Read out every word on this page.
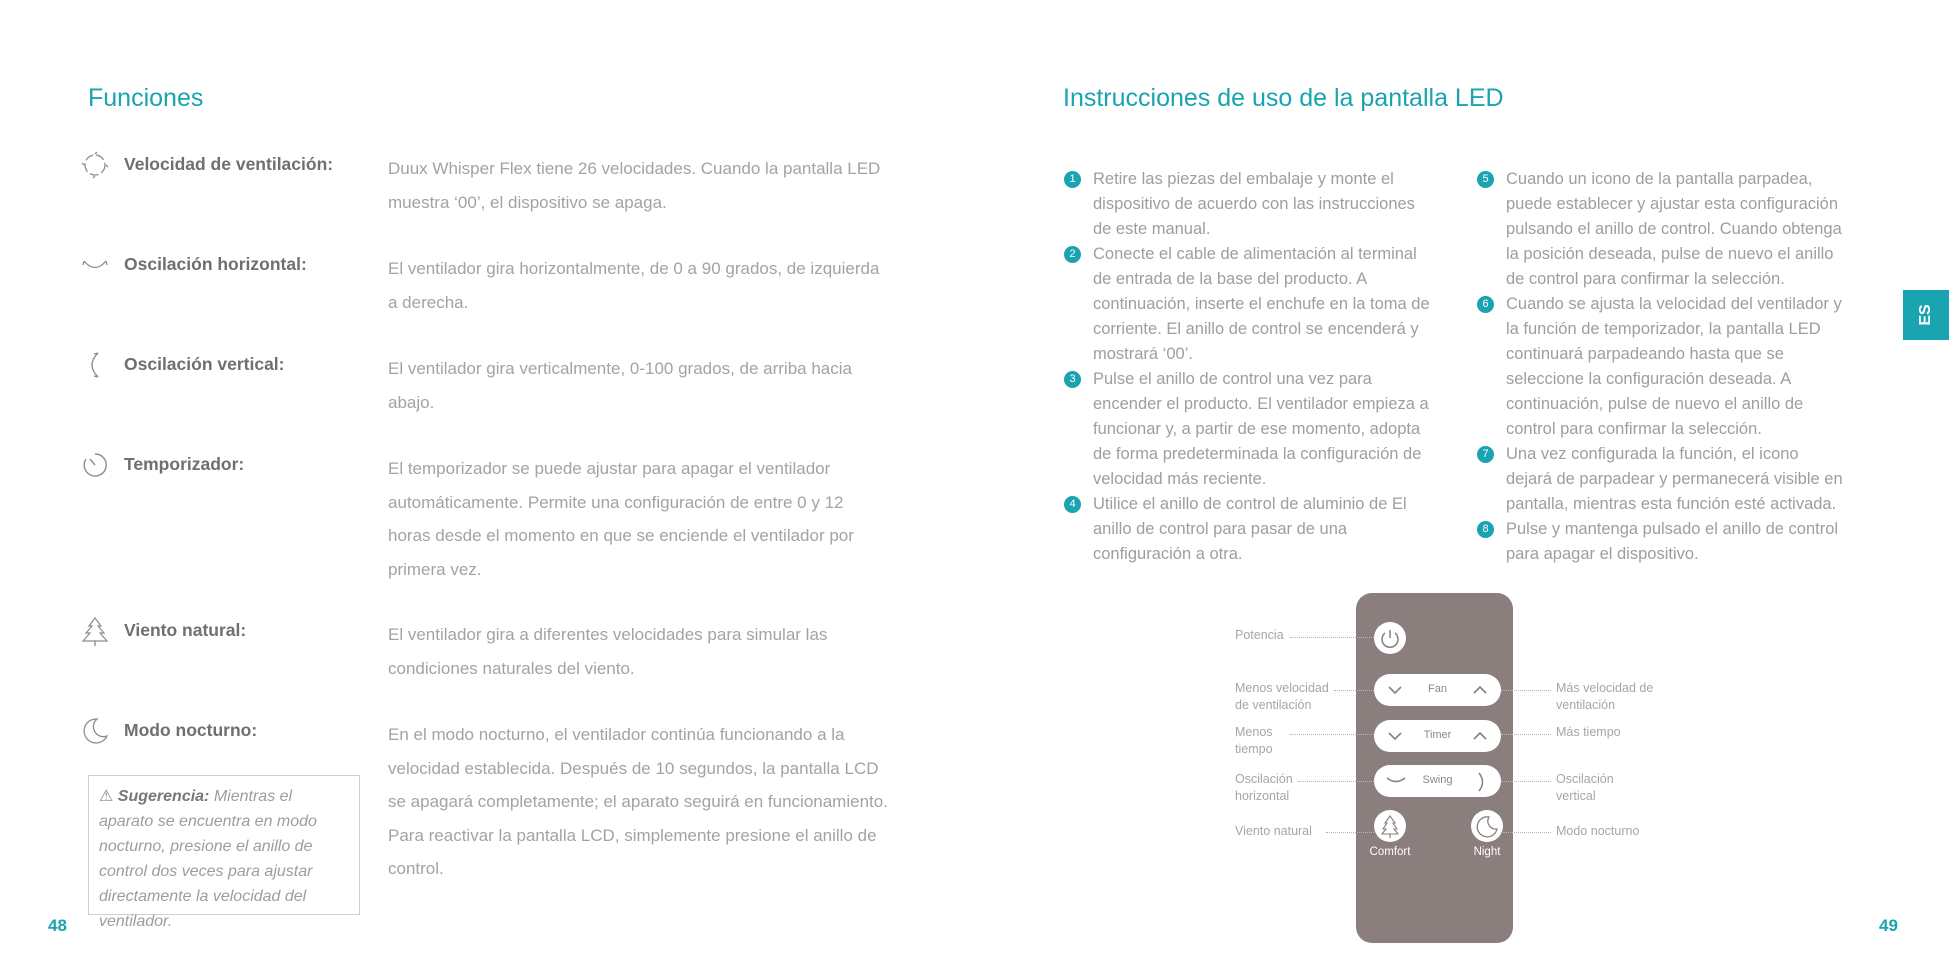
Funciones
Velocidad de ventilación:	Duux Whisper Flex tiene 26 velocidades. Cuando la pantalla LED muestra ‘00’, el dispositivo se apaga.
Oscilación horizontal:	El ventilador gira horizontalmente, de 0 a 90 grados, de izquierda a derecha.
Oscilación vertical:	El ventilador gira verticalmente, 0-100 grados, de arriba hacia abajo.
Temporizador:	El temporizador se puede ajustar para apagar el ventilador automáticamente. Permite una configuración de entre 0 y 12 horas desde el momento en que se enciende el ventilador por primera vez.
Viento natural:	El ventilador gira a diferentes velocidades para simular las condiciones naturales del viento.
Modo nocturno:	En el modo nocturno, el ventilador continúa funcionando a la velocidad establecida. Después de 10 segundos, la pantalla LCD se apagará completamente; el aparato seguirá en funcionamiento. Para reactivar la pantalla LCD, simplemente presione el anillo de control.
⚠ Sugerencia: Mientras el aparato se encuentra en modo nocturno, presione el anillo de control dos veces para ajustar directamente la velocidad del ventilador.
48
Instrucciones de uso de la pantalla LED
ES
1	Retire las piezas del embalaje y monte el dispositivo de acuerdo con las instrucciones de este manual.
2	Conecte el cable de alimentación al terminal de entrada de la base del producto. A continuación, inserte el enchufe en la toma de corriente. El anillo de control se encenderá y mostrará ‘00’.
3	Pulse el anillo de control una vez para encender el producto. El ventilador empieza a funcionar y, a partir de ese momento, adopta de forma predeterminada la configuración de velocidad más reciente.
4	Utilice el anillo de control de aluminio de El anillo de control para pasar de una configuración a otra.
5	Cuando un icono de la pantalla parpadea, puede establecer y ajustar esta configuración pulsando el anillo de control. Cuando obtenga la posición deseada, pulse de nuevo el anillo de control para confirmar la selección.
6	Cuando se ajusta la velocidad del ventilador y la función de temporizador, la pantalla LED continuará parpadeando hasta que se seleccione la configuración deseada. A continuación, pulse de nuevo el anillo de control para confirmar la selección.
7	Una vez configurada la función, el icono dejará de parpadear y permanecerá visible en pantalla, mientras esta función esté activada.
8	Pulse y mantenga pulsado el anillo de control para apagar el dispositivo.
Fan
Timer
Swing
Comfort	Night
Potencia
Menos velocidad de ventilación
Menos tiempo
Oscilación horizontal
Viento natural
Más velocidad de ventilación
Más tiempo
Oscilación vertical
Modo nocturno
49
